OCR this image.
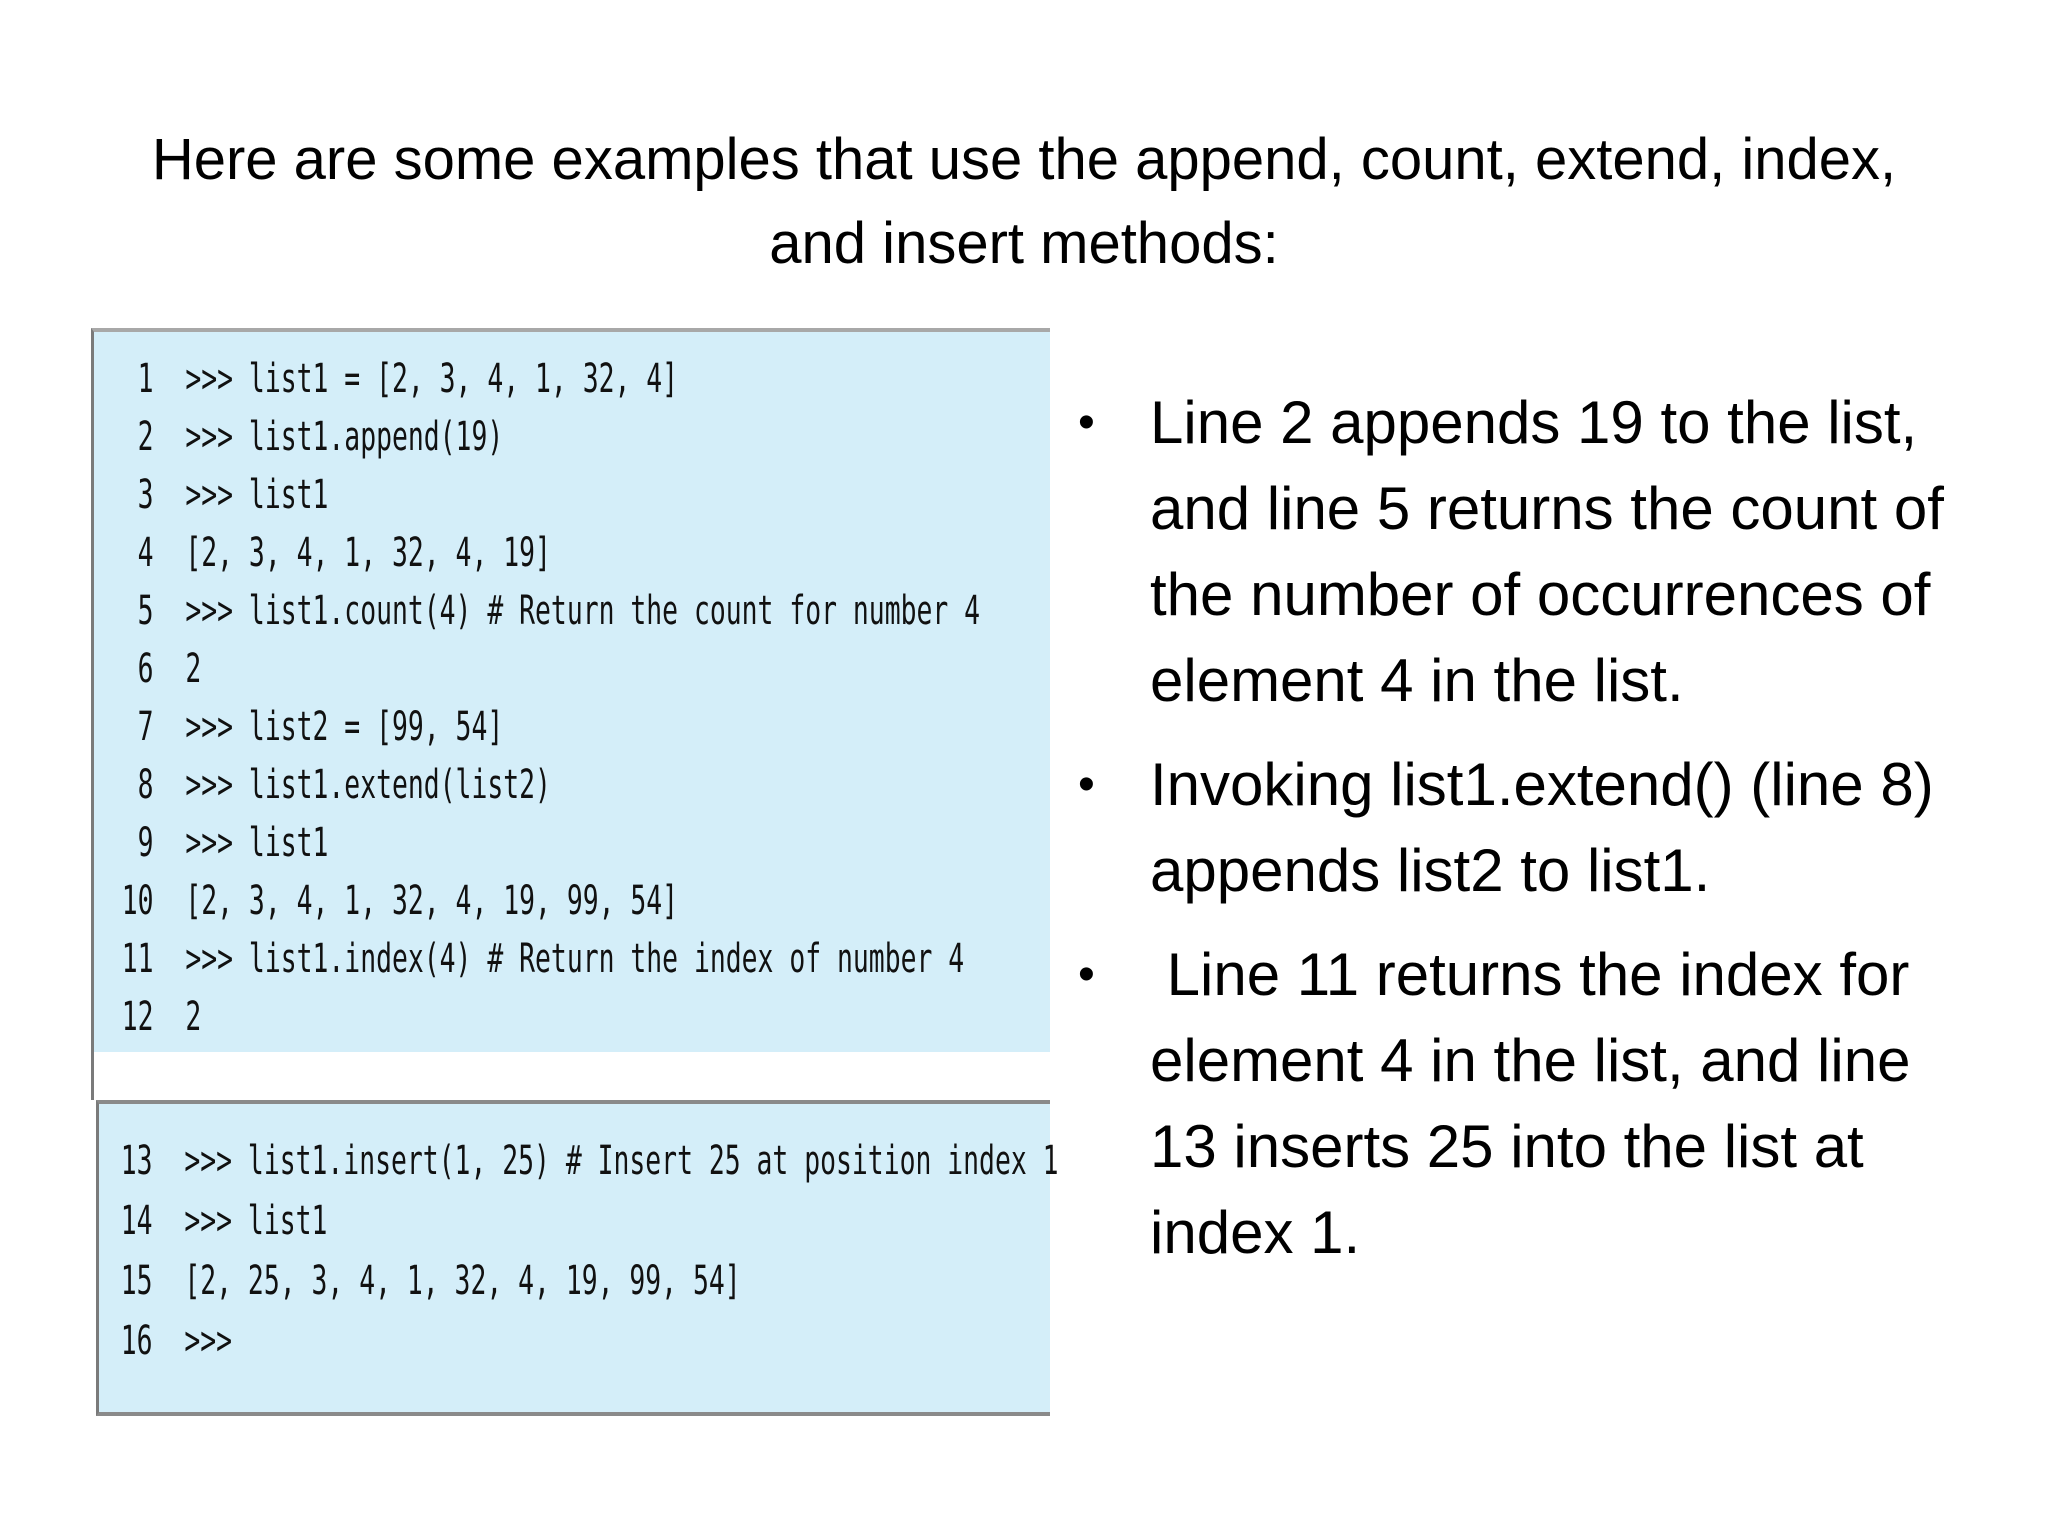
Here are some examples that use the append, count, extend, index, and insert methods:
1 >>> list1 = [2, 3, 4, 1, 32, 4]
2 >>> list1.append(19)
3 >>> list1
4 [2, 3, 4, 1, 32, 4, 19]
5 >>> list1.count(4) # Return the count for number 4
6 2
7 >>> list2 = [99, 54]
8 >>> list1.extend(list2)
9 >>> list1
10 [2, 3, 4, 1, 32, 4, 19, 99, 54]
11 >>> list1.index(4) # Return the index of number 4
12 2
13 >>> list1.insert(1, 25) # Insert 25 at position index 1
14 >>> list1
15 [2, 25, 3, 4, 1, 32, 4, 19, 99, 54]
16 >>>
• Line 2 appends 19 to the list, and line 5 returns the count of the number of occurrences of element 4 in the list.
• Invoking list1.extend() (line 8) appends list2 to list1.
• Line 11 returns the index for element 4 in the list, and line 13 inserts 25 into the list at index 1.
